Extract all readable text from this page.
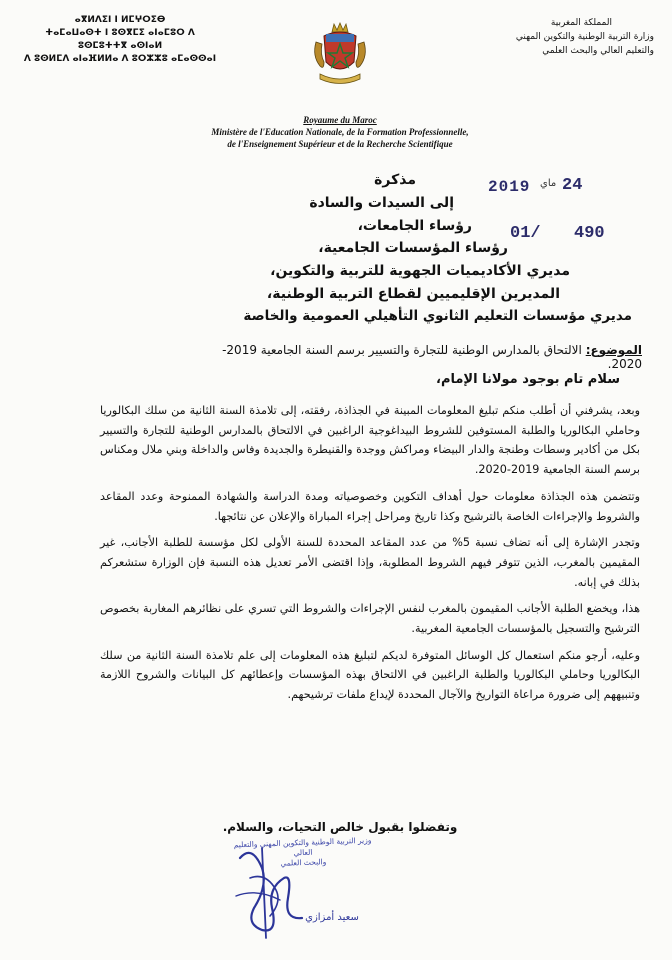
ⴰⴳⵍⴷⵉⵏ ⵏ ⵍⵎⵖⵔⵉⴱ
ⵜⴰⵎⴰⵡⴰⵙⵜ ⵏ ⵓⵙⴳⵎⵉ ⴰⵏⴰⵎⵓⵔ ⴷ ⵓⵙⵎⵓⵜⵜⴳ ⴰⵙⵏⴰⵍ
ⴷ ⵓⵙⵍⵎⴷ ⴰⵏⴰⴼⵍⵍⴰ ⴷ ⵓⵔⵣⵣⵓ ⴰⵎⴰⵙⵙⴰⵏ
المملكة المغربية
وزارة التربية الوطنية والتكوين المهني
والتعليم العالي والبحث العلمي
Royaume du Maroc
Ministère de l'Education Nationale, de la Formation Professionnelle,
de l'Enseignement Supérieur et de la Recherche Scientifique
2019 ماي 24
01/ 490
مذكرة
إلى السيدات والسادة
رؤساء الجامعات،
رؤساء المؤسسات الجامعية،
مديري الأكاديميات الجهوية للتربية والتكوين،
المديرين الإقليميين لقطاع التربية الوطنية،
مديري مؤسسات التعليم الثانوي التأهيلي العمومية والخاصة
الموضوع: الالتحاق بالمدارس الوطنية للتجارة والتسيير برسم السنة الجامعية 2019-2020.
سلام تام بوجود مولانا الإمام،

وبعد، يشرفني أن أطلب منكم تبليغ المعلومات المبينة في الجذاذة، رفقته، إلى تلامذة السنة الثانية من سلك البكالوريا وحاملي البكالوريا والطلبة المستوفين للشروط البيداغوجية الراغبين في الالتحاق بالمدارس الوطنية للتجارة والتسيير بكل من أكادير وسطات وطنجة والدار البيضاء ومراكش ووجدة والقنيطرة والجديدة وفاس والداخلة وبني ملال ومكناس برسم السنة الجامعية 2019-2020.

وتتضمن هذه الجذاذة معلومات حول أهداف التكوين وخصوصياته ومدة الدراسة والشهادة الممنوحة وعدد المقاعد والشروط والإجراءات الخاصة بالترشيح وكذا تاريخ ومراحل إجراء المباراة والإعلان عن نتائجها.

وتجدر الإشارة إلى أنه تضاف نسبة 5% من عدد المقاعد المحددة للسنة الأولى لكل مؤسسة للطلبة الأجانب، غير المقيمين بالمغرب، الذين تتوفر فيهم الشروط المطلوبة، وإذا اقتضى الأمر تعديل هذه النسبة فإن الوزارة ستشعركم بذلك في إبانه.

هذا، ويخضع الطلبة الأجانب المقيمون بالمغرب لنفس الإجراءات والشروط التي تسري على نظائرهم المغاربة بخصوص الترشيح والتسجيل بالمؤسسات الجامعية المغربية.

وعليه، أرجو منكم استعمال كل الوسائل المتوفرة لديكم لتبليغ هذه المعلومات إلى علم تلامذة السنة الثانية من سلك البكالوريا وحاملي البكالوريا والطلبة الراغبين في الالتحاق بهذه المؤسسات وإعطائهم كل البيانات والشروح اللازمة وتنبيههم إلى ضرورة مراعاة التواريخ والآجال المحددة لإيداع ملفات ترشيحهم.

وتفضلوا بقبول خالص التحيات، والسلام.
وزير التربية الوطنية والتكوين المهني والتعليم العالي
والبحث العلمي
سعيد أمزازي
